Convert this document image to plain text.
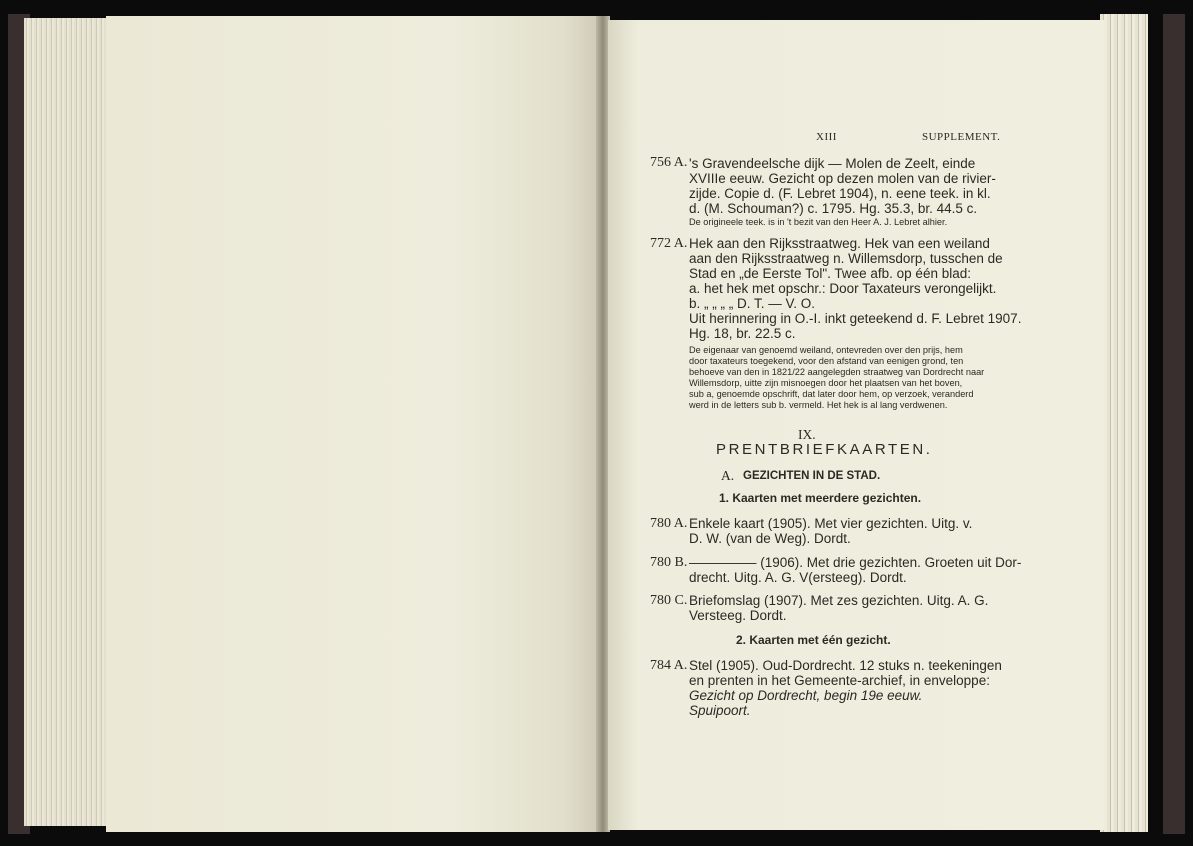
XIII	SUPPLEMENT.
756 A. 's Gravendeelsche dijk — Molen de Zeelt, einde
XVIIIe eeuw. Gezicht op dezen molen van de rivier-
zijde. Copie d. (F. Lebret 1904), n. eene teek. in kl.
d. (M. Schouman?) c. 1795. Hg. 35.3, br. 44.5 c.
De origineele teek. is in 't bezit van den Heer A. J. Lebret alhier.
772 A. Hek aan den Rijksstraatweg. Hek van een weiland
aan den Rijksstraatweg n. Willemsdorp, tusschen de
Stad en „de Eerste Tol". Twee afb. op één blad:
a. het hek met opschr.: Door Taxateurs verongelijkt.
b. „ „ „ „ D. T. — V. O.
Uit herinnering in O.-I. inkt geteekend d. F. Lebret 1907.
Hg. 18, br. 22.5 c.
De eigenaar van genoemd weiland, ontevreden over den prijs, hem
door taxateurs toegekend, voor den afstand van eenigen grond, ten
behoeve van den in 1821/22 aangelegden straatweg van Dordrecht naar
Willemsdorp, uitte zijn misnoegen door het plaatsen van het boven,
sub a, genoemde opschrift, dat later door hem, op verzoek, veranderd
werd in de letters sub b. vermeld. Het hek is al lang verdwenen.
IX.
PRENTBRIEFKAARTEN.
A. GEZICHTEN IN DE STAD.
1. Kaarten met meerdere gezichten.
780 A. Enkele kaart (1905). Met vier gezichten. Uitg. v.
D. W. (van de Weg). Dordt.
780 B. ————— (1906). Met drie gezichten. Groeten uit Dor-
drecht. Uitg. A. G. V(ersteeg). Dordt.
780 C. Briefomslag (1907). Met zes gezichten. Uitg. A. G.
Versteeg. Dordt.
2. Kaarten met één gezicht.
784 A. Stel (1905). Oud-Dordrecht. 12 stuks n. teekeningen
en prenten in het Gemeente-archief, in enveloppe:
Gezicht op Dordrecht, begin 19e eeuw.
Spuipoort.
